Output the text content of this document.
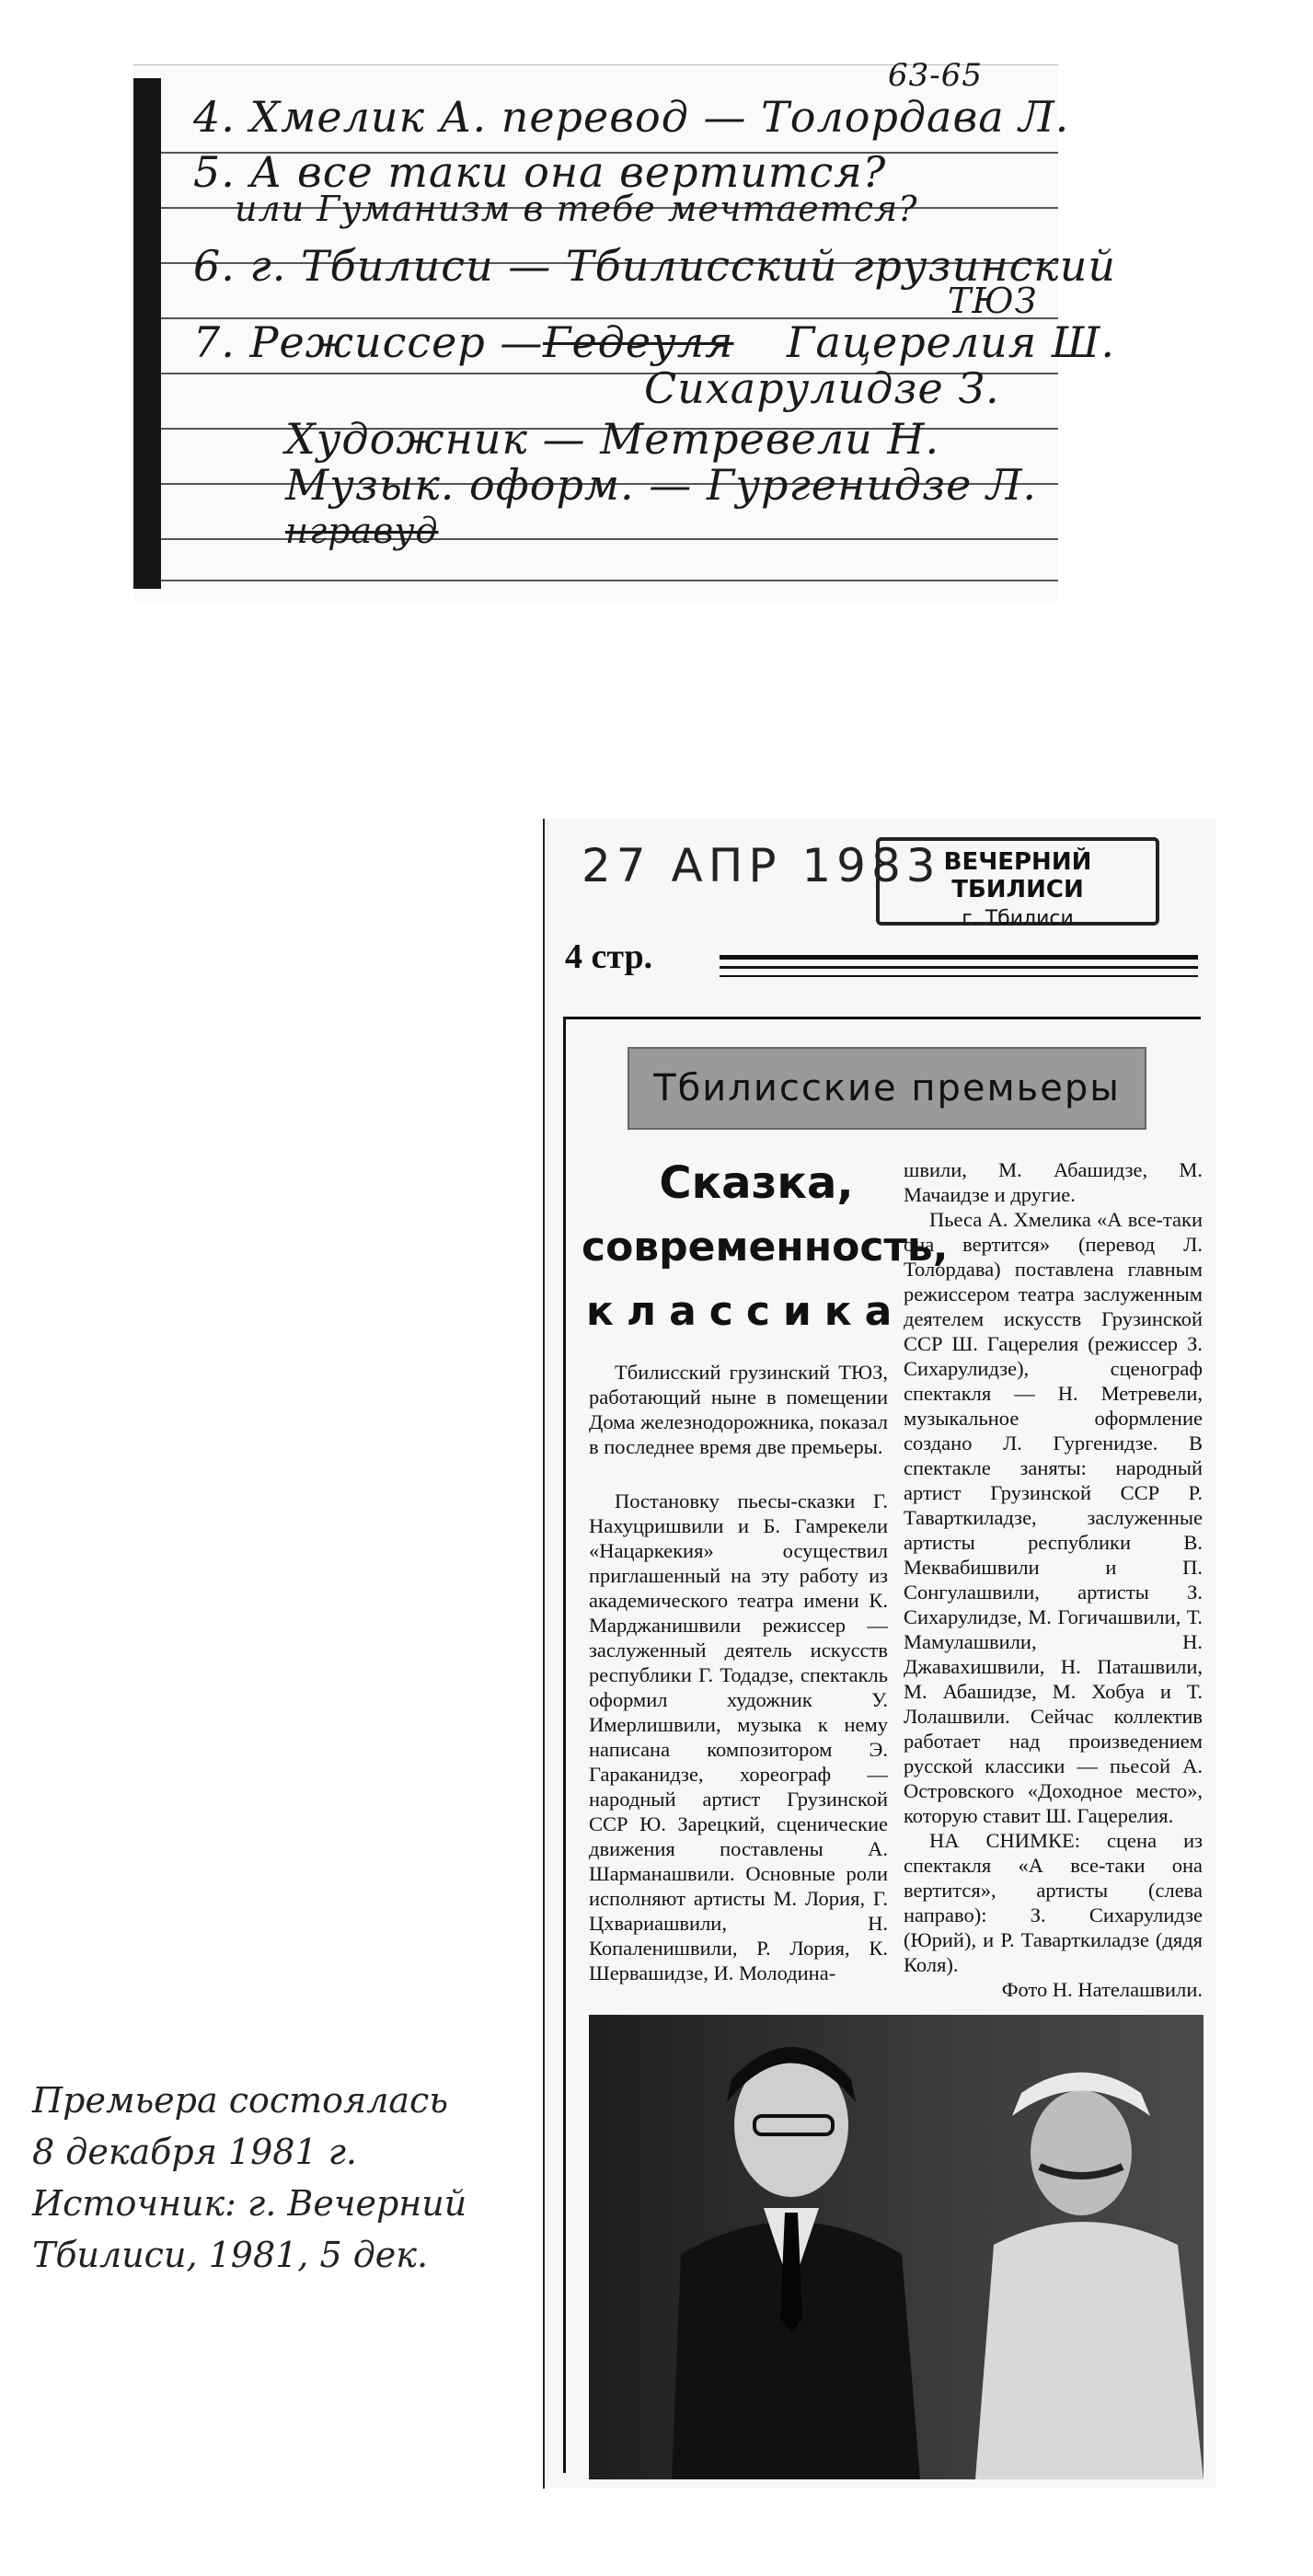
63-65
4. Хмелик А. перевод — Толордава Л.
5. А все таки она вертится?
или Гуманизм в тебе мечтается?
6. г. Тбилиси — Тбилисский грузинский
ТЮЗ
7. Режиссер — Гедеуля Гацерелия Ш.
Сихарулидзе З.
Художник — Метревели Н.
Музык. оформ. — Гургенидзе Л.
нгравуд
27 АПР 1983 ВЕЧЕРНИЙ ТБИЛИСИ
г. Тбилиси
4 стр.
Тбилисские премьеры
Сказка,
современность,
классика

Тбилисский грузинский ТЮЗ, работающий ныне в помещении Дома железнодорожника, показал в последнее время две премьеры.

Постановку пьесы-сказки Г. Нахуцришвили и Б. Гамрекели «Нацаркекия» осуществил приглашенный на эту работу из академического театра имени К. Марджанишвили режиссер — заслуженный деятель искусств республики Г. Тодадзе, спектакль оформил художник У. Имерлишвили, музыка к нему написана композитором Э. Гараканидзе, хореограф — народный артист Грузинской ССР Ю. Зарецкий, сценические движения поставлены А. Шарманашвили. Основные роли исполняют артисты М. Лория, Г. Цхвариашвили, Н. Копаленишвили, Р. Лория, К. Шервашидзе, И. Молодина-

швили, М. Абашидзе, М. Мачаидзе и другие.

Пьеса А. Хмелика «А все-таки она вертится» (перевод Л. Толордава) поставлена главным режиссером театра заслуженным деятелем искусств Грузинской ССР Ш. Гацерелия (режиссер З. Сихарулидзе), сценограф спектакля — Н. Метревели, музыкальное оформление создано Л. Гургенидзе. В спектакле заняты: народный артист Грузинской ССР Р. Таварткиладзе, заслуженные артисты республики В. Меквабишвили и П. Сонгулашвили, артисты З. Сихарулидзе, М. Гогичашвили, Т. Мамулашвили, Н. Джавахишвили, Н. Паташвили, М. Абашидзе, М. Хобуа и Т. Лолашвили. Сейчас коллектив работает над произведением русской классики — пьесой А. Островского «Доходное место», которую ставит Ш. Гацерелия.

НА СНИМКЕ: сцена из спектакля «А все-таки она вертится», артисты (слева направо): З. Сихарулидзе (Юрий), и Р. Таварткиладзе (дядя Коля).

Фото Н. Нателашвили.

Премьера состоялась
8 декабря 1981 г.
Источник: г. Вечерний
Тбилиси, 1981, 5 дек.
